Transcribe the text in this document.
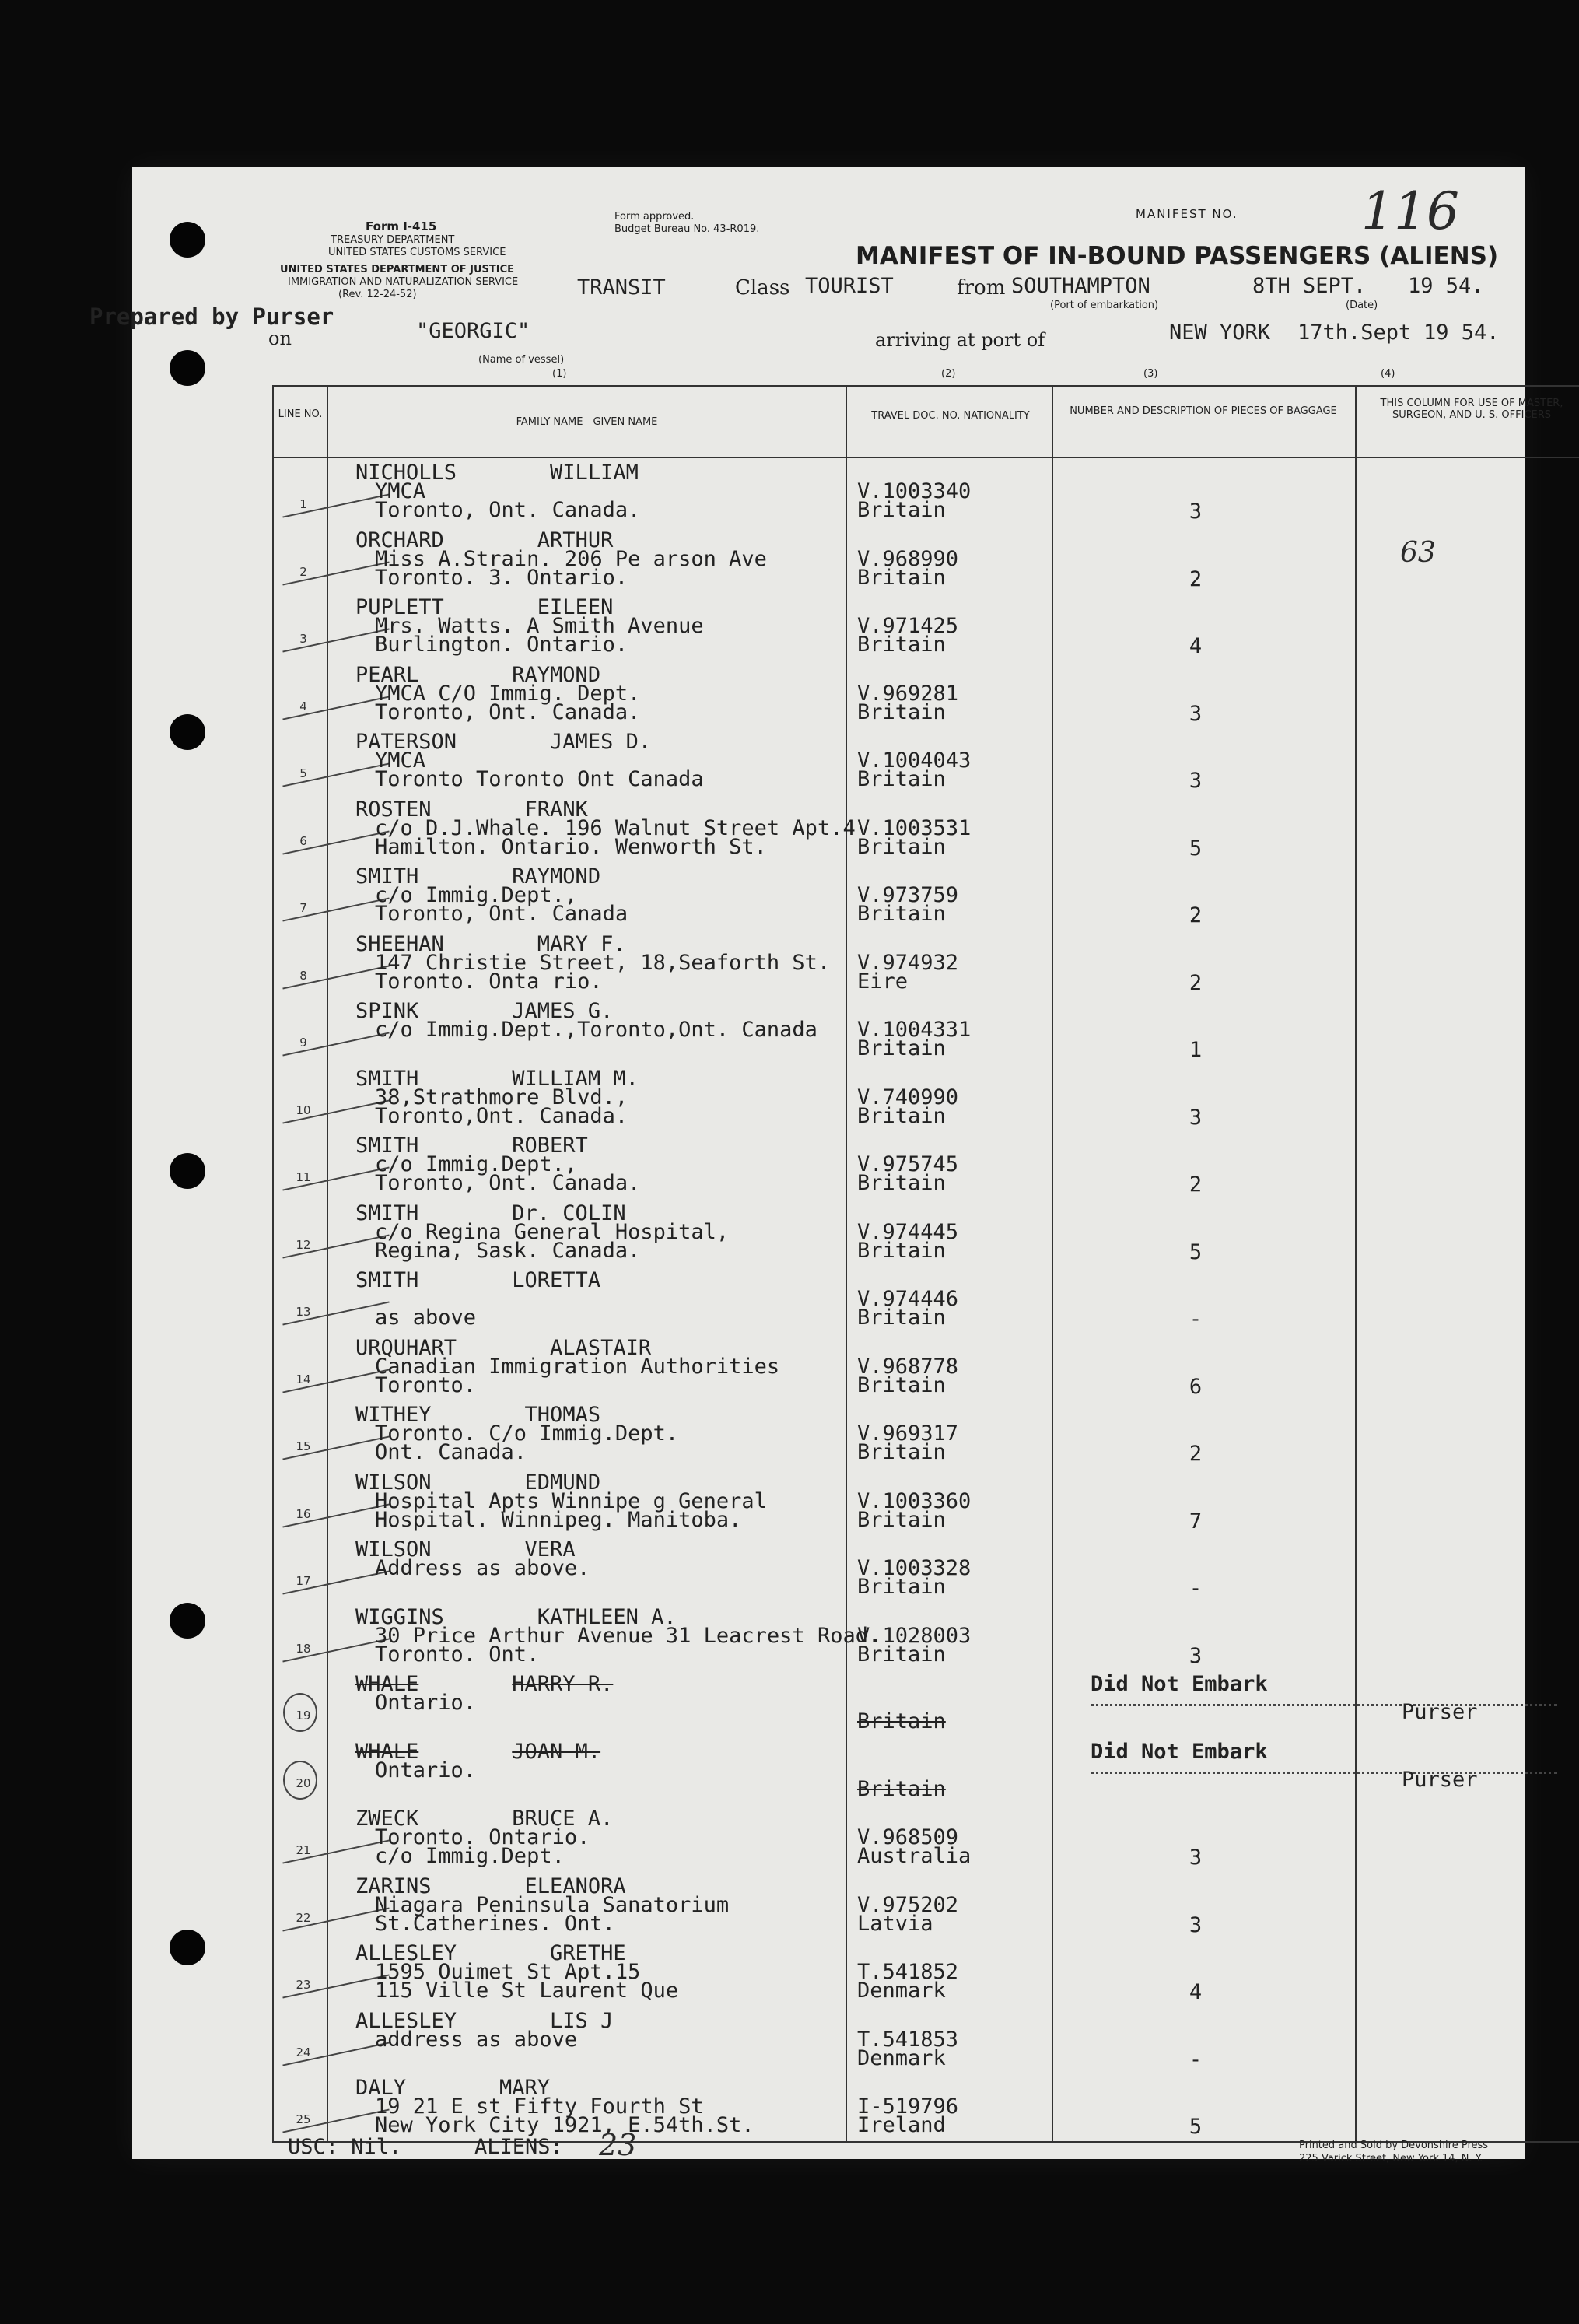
Form I-415
TREASURY DEPARTMENT
UNITED STATES CUSTOMS SERVICE
UNITED STATES DEPARTMENT OF JUSTICE
IMMIGRATION AND NATURALIZATION SERVICE
(Rev. 12-24-52)
Form approved.
Budget Bureau No. 43-R019.
MANIFEST NO. 116
MANIFEST OF IN-BOUND PASSENGERS (ALIENS)
TRANSIT	Class TOURIST	from SOUTHAMPTON
(Port of embarkation)
8TH SEPT. 19 54.
(Date)
Prepared by Purser
on	"GEORGIC"
(Name of vessel)
arriving at port of	NEW YORK 17th.Sept 19 54.
(1)	(2)	(3)	(4)
63
LINE NO.
FAMILY NAME—GIVEN NAME
TRAVEL DOC. NO. NATIONALITY	NUMBER AND DESCRIPTION OF PIECES OF BAGGAGE
THIS COLUMN FOR USE OF MASTER, SURGEON, AND U. S. OFFICERS
1
NICHOLLS	WILLIAM
YMCA
Toronto, Ont. Canada.
V.1003340
Britain	3
2
ORCHARD	ARTHUR
Miss A.Strain. 206 Pe arson Ave
Toronto. 3. Ontario.
V.968990
Britain	2
3
PUPLETT	EILEEN
Mrs. Watts. A Smith Avenue
Burlington. Ontario.
V.971425
Britain	4
4
PEARL	RAYMOND
YMCA C/O Immig. Dept.
Toronto, Ont. Canada.
V.969281
Britain	3
5
PATERSON	JAMES D.
YMCA
Toronto Toronto Ont Canada
V.1004043
Britain	3
6
ROSTEN	FRANK
c/o D.J.Whale. 196 Walnut Street Apt.4
Hamilton. Ontario. Wenworth St.
V.1003531
Britain	5
7
SMITH	RAYMOND
c/o Immig.Dept.,
Toronto, Ont. Canada
V.973759
Britain	2
8
SHEEHAN	MARY F.
147 Christie Street, 18,Seaforth St.
Toronto. Onta rio.
V.974932
Eire	2
9
SPINK	JAMES G.
c/o Immig.Dept.,Toronto,Ont. Canada V.1004331
Britain	1
10
SMITH	WILLIAM M.
38,Strathmore Blvd.,
Toronto,Ont. Canada.
V.740990
Britain	3
11
SMITH	ROBERT
c/o Immig.Dept.,
Toronto, Ont. Canada.
V.975745
Britain	2
12
SMITH	Dr. COLIN
c/o Regina General Hospital,
Regina, Sask. Canada.
V.974445
Britain	5
13
SMITH	LORETTA
as above
V.974446
Britain	-
14
URQUHART	ALASTAIR
Canadian Immigration Authorities
Toronto.
V.968778
Britain	6
15
WITHEY	THOMAS
Toronto. C/o Immig.Dept.
Ont. Canada.
V.969317
Britain	2
16
WILSON	EDMUND
Hospital Apts Winnipe g General
Hospital. Winnipeg. Manitoba.
V.1003360
Britain	7
17
WILSON	VERA
Address as above.	V.1003328
Britain	-
18
WIGGINS	KATHLEEN A.
30 Price Arthur Avenue 31 Leacrest Road.
Toronto. Ont.
V.1028003
Britain	3
19
WHALE	HARRY R.
Ontario.
Britain
Did Not Embark
Purser
20
WHALE	JOAN M.
Ontario.
Britain
Did Not Embark
Purser
21
ZWECK	BRUCE A.
Toronto. Ontario.
c/o Immig.Dept.
V.968509
Australia	3
22
ZARINS	ELEANORA
Niagara Peninsula Sanatorium
St.Catherines. Ont.
V.975202
Latvia	3
23
ALLESLEY	GRETHE
1595 Ouimet St Apt.15
115 Ville St Laurent Que
T.541852
Denmark	4
24
ALLESLEY	LIS J
address as above	T.541853
Denmark	-
25
DALY	MARY
19 21 E st Fifty Fourth St
New York City 1921, E.54th.St.
I-519796
Ireland	5
USC: Nil.	ALIENS: 23	Printed and Sold by Devonshire Press
225 Varick Street, New York 14, N. Y.
